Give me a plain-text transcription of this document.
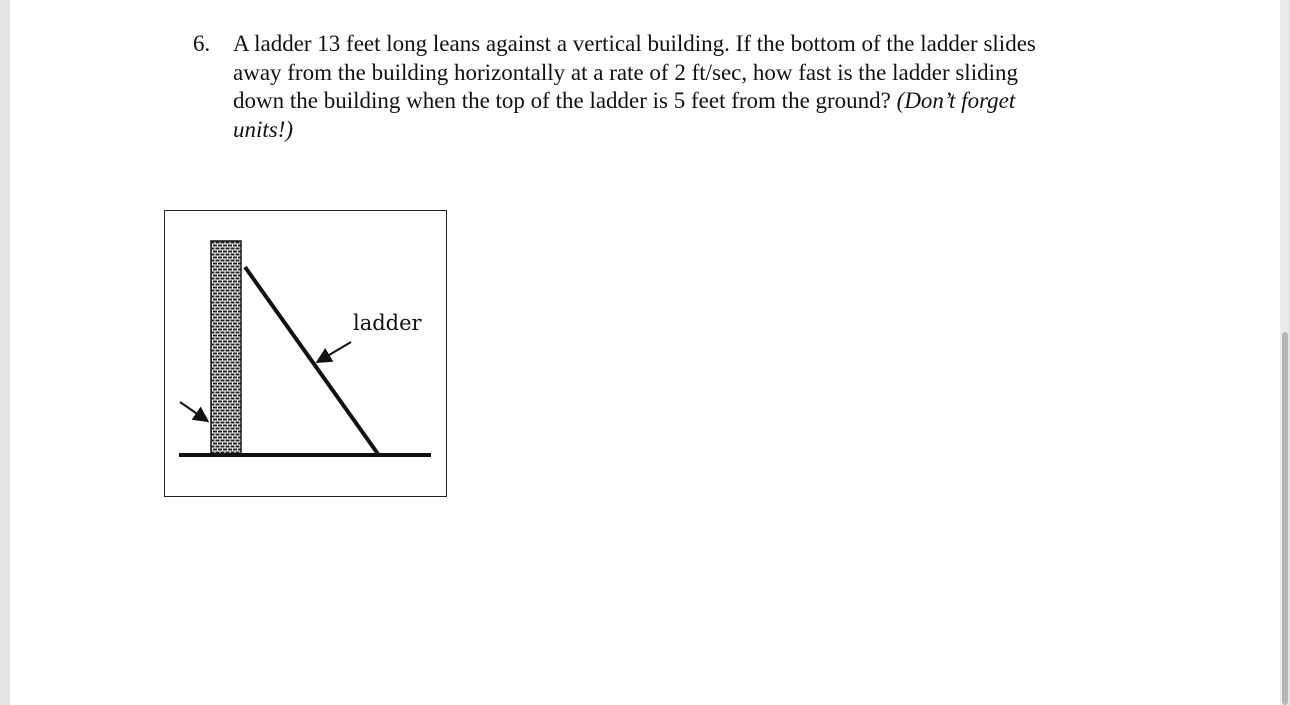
6. A ladder 13 feet long leans against a vertical building. If the bottom of the ladder slides
away from the building horizontally at a rate of 2 ft/sec, how fast is the ladder sliding
down the building when the top of the ladder is 5 feet from the ground? (Don’t forget
units!)
ladder
